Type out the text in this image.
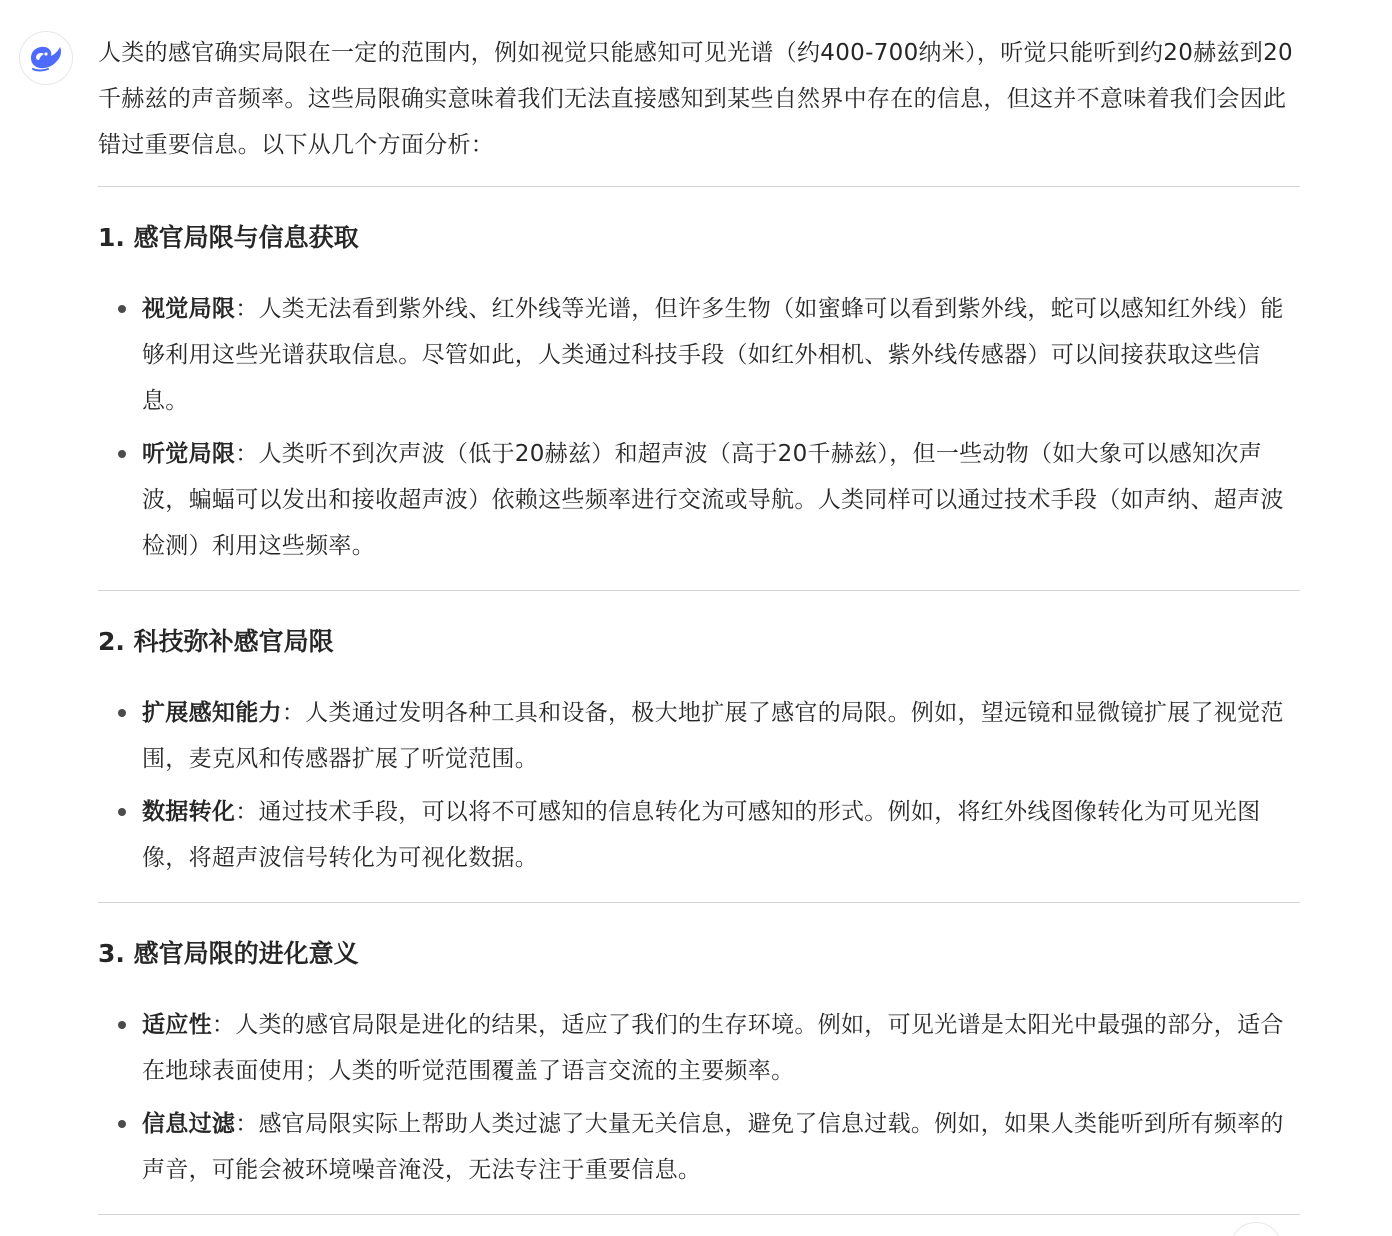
人类的感官确实局限在一定的范围内，例如视觉只能感知可见光谱（约400-700纳米），听觉只能听到约20赫兹到20千赫兹的声音频率。这些局限确实意味着我们无法直接感知到某些自然界中存在的信息，但这并不意味着我们会因此错过重要信息。以下从几个方面分析：

1. 感官局限与信息获取
视觉局限：人类无法看到紫外线、红外线等光谱，但许多生物（如蜜蜂可以看到紫外线，蛇可以感知红外线）能够利用这些光谱获取信息。尽管如此，人类通过科技手段（如红外相机、紫外线传感器）可以间接获取这些信息。
听觉局限：人类听不到次声波（低于20赫兹）和超声波（高于20千赫兹），但一些动物（如大象可以感知次声波，蝙蝠可以发出和接收超声波）依赖这些频率进行交流或导航。人类同样可以通过技术手段（如声纳、超声波检测）利用这些频率。
2. 科技弥补感官局限
扩展感知能力：人类通过发明各种工具和设备，极大地扩展了感官的局限。例如，望远镜和显微镜扩展了视觉范围，麦克风和传感器扩展了听觉范围。
数据转化：通过技术手段，可以将不可感知的信息转化为可感知的形式。例如，将红外线图像转化为可见光图像，将超声波信号转化为可视化数据。
3. 感官局限的进化意义
适应性：人类的感官局限是进化的结果，适应了我们的生存环境。例如，可见光谱是太阳光中最强的部分，适合在地球表面使用；人类的听觉范围覆盖了语言交流的主要频率。
信息过滤：感官局限实际上帮助人类过滤了大量无关信息，避免了信息过载。例如，如果人类能听到所有频率的声音，可能会被环境噪音淹没，无法专注于重要信息。
